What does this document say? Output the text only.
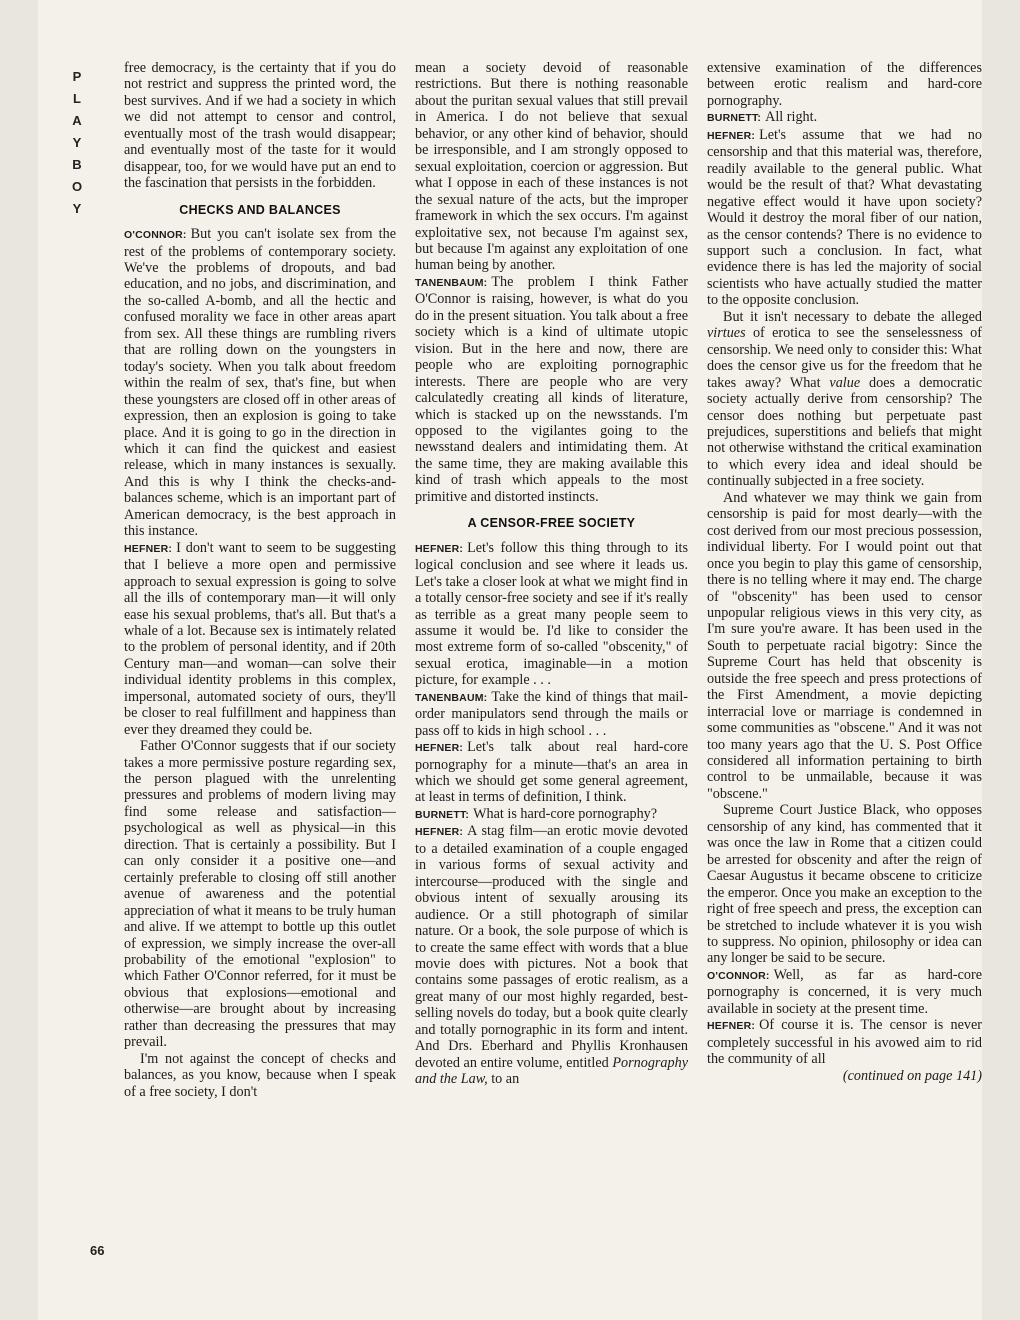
P
L
A
Y
B
O
Y
66

free democracy, is the certainty that if you do not restrict and suppress the printed word, the best survives. And if we had a society in which we did not attempt to censor and control, eventually most of the trash would disappear; and eventually most of the taste for it would disappear, too, for we would have put an end to the fascination that persists in the forbidden.

CHECKS AND BALANCES

O'CONNOR: But you can't isolate sex from the rest of the problems of contemporary society. We've the problems of dropouts, and bad education, and no jobs, and discrimination, and the so-called A-bomb, and all the hectic and confused morality we face in other areas apart from sex. All these things are rumbling rivers that are rolling down on the youngsters in today's society. When you talk about freedom within the realm of sex, that's fine, but when these youngsters are closed off in other areas of expression, then an explosion is going to take place. And it is going to go in the direction in which it can find the quickest and easiest release, which in many instances is sexually. And this is why I think the checks-and-balances scheme, which is an important part of American democracy, is the best approach in this instance.

HEFNER: I don't want to seem to be suggesting that I believe a more open and permissive approach to sexual expression is going to solve all the ills of contemporary man—it will only ease his sexual problems, that's all. But that's a whale of a lot. Because sex is intimately related to the problem of personal identity, and if 20th Century man—and woman—can solve their individual identity problems in this complex, impersonal, automated society of ours, they'll be closer to real fulfillment and happiness than ever they dreamed they could be.

Father O'Connor suggests that if our society takes a more permissive posture regarding sex, the person plagued with the unrelenting pressures and problems of modern living may find some release and satisfaction—psychological as well as physical—in this direction. That is certainly a possibility. But I can only consider it a positive one—and certainly preferable to closing off still another avenue of awareness and the potential appreciation of what it means to be truly human and alive. If we attempt to bottle up this outlet of expression, we simply increase the over-all probability of the emotional "explosion" to which Father O'Connor referred, for it must be obvious that explosions—emotional and otherwise—are brought about by increasing rather than decreasing the pressures that may prevail.

I'm not against the concept of checks and balances, as you know, because when I speak of a free society, I don't

mean a society devoid of reasonable restrictions. But there is nothing reasonable about the puritan sexual values that still prevail in America. I do not believe that sexual behavior, or any other kind of behavior, should be irresponsible, and I am strongly opposed to sexual exploitation, coercion or aggression. But what I oppose in each of these instances is not the sexual nature of the acts, but the improper framework in which the sex occurs. I'm against exploitative sex, not because I'm against sex, but because I'm against any exploitation of one human being by another.

TANENBAUM: The problem I think Father O'Connor is raising, however, is what do you do in the present situation. You talk about a free society which is a kind of ultimate utopic vision. But in the here and now, there are people who are exploiting pornographic interests. There are people who are very calculatedly creating all kinds of literature, which is stacked up on the newsstands. I'm opposed to the vigilantes going to the newsstand dealers and intimidating them. At the same time, they are making available this kind of trash which appeals to the most primitive and distorted instincts.

A CENSOR-FREE SOCIETY

HEFNER: Let's follow this thing through to its logical conclusion and see where it leads us. Let's take a closer look at what we might find in a totally censor-free society and see if it's really as terrible as a great many people seem to assume it would be. I'd like to consider the most extreme form of so-called "obscenity," of sexual erotica, imaginable—in a motion picture, for example . . .

TANENBAUM: Take the kind of things that mail-order manipulators send through the mails or pass off to kids in high school . . .

HEFNER: Let's talk about real hard-core pornography for a minute—that's an area in which we should get some general agreement, at least in terms of definition, I think.

BURNETT: What is hard-core pornography?

HEFNER: A stag film—an erotic movie devoted to a detailed examination of a couple engaged in various forms of sexual activity and intercourse—produced with the single and obvious intent of sexually arousing its audience. Or a still photograph of similar nature. Or a book, the sole purpose of which is to create the same effect with words that a blue movie does with pictures. Not a book that contains some passages of erotic realism, as a great many of our most highly regarded, best-selling novels do today, but a book quite clearly and totally pornographic in its form and intent. And Drs. Eberhard and Phyllis Kronhausen devoted an entire volume, entitled Pornography and the Law, to an

extensive examination of the differences between erotic realism and hard-core pornography.

BURNETT: All right.

HEFNER: Let's assume that we had no censorship and that this material was, therefore, readily available to the general public. What would be the result of that? What devastating negative effect would it have upon society? Would it destroy the moral fiber of our nation, as the censor contends? There is no evidence to support such a conclusion. In fact, what evidence there is has led the majority of social scientists who have actually studied the matter to the opposite conclusion.

But it isn't necessary to debate the alleged virtues of erotica to see the senselessness of censorship. We need only to consider this: What does the censor give us for the freedom that he takes away? What value does a democratic society actually derive from censorship? The censor does nothing but perpetuate past prejudices, superstitions and beliefs that might not otherwise withstand the critical examination to which every idea and ideal should be continually subjected in a free society.

And whatever we may think we gain from censorship is paid for most dearly—with the cost derived from our most precious possession, individual liberty. For I would point out that once you begin to play this game of censorship, there is no telling where it may end. The charge of "obscenity" has been used to censor unpopular religious views in this very city, as I'm sure you're aware. It has been used in the South to perpetuate racial bigotry: Since the Supreme Court has held that obscenity is outside the free speech and press protections of the First Amendment, a movie depicting interracial love or marriage is condemned in some communities as "obscene." And it was not too many years ago that the U. S. Post Office considered all information pertaining to birth control to be unmailable, because it was "obscene."

Supreme Court Justice Black, who opposes censorship of any kind, has commented that it was once the law in Rome that a citizen could be arrested for obscenity and after the reign of Caesar Augustus it became obscene to criticize the emperor. Once you make an exception to the right of free speech and press, the exception can be stretched to include whatever it is you wish to suppress. No opinion, philosophy or idea can any longer be said to be secure.

O'CONNOR: Well, as far as hard-core pornography is concerned, it is very much available in society at the present time.

HEFNER: Of course it is. The censor is never completely successful in his avowed aim to rid the community of all

(continued on page 141)
